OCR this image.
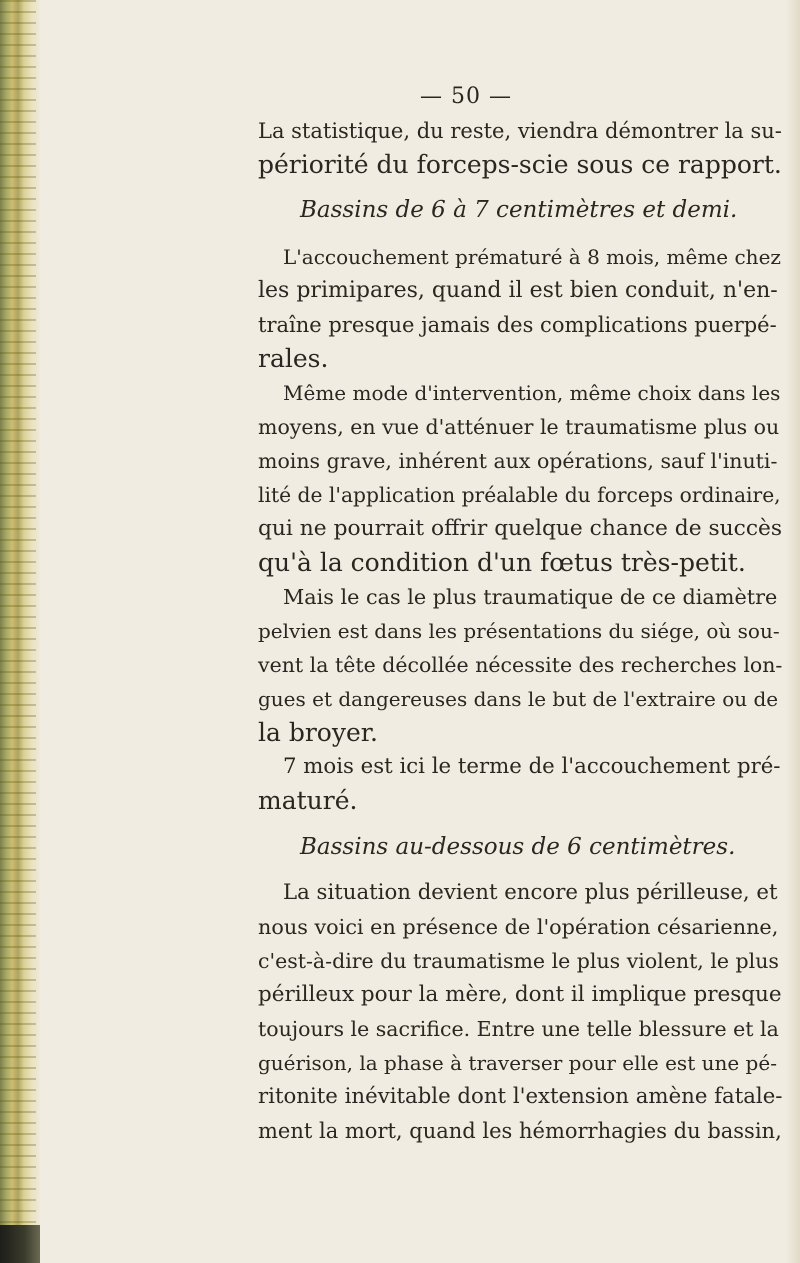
— 50 —
La statistique, du reste, viendra démontrer la su-
périorité du forceps-scie sous ce rapport.
Bassins de 6 à 7 centimètres et demi.
L'accouchement prématuré à 8 mois, même chez
les primipares, quand il est bien conduit, n'en-
traîne presque jamais des complications puerpé-
rales.
Même mode d'intervention, même choix dans les
moyens, en vue d'atténuer le traumatisme plus ou
moins grave, inhérent aux opérations, sauf l'inuti-
lité de l'application préalable du forceps ordinaire,
qui ne pourrait offrir quelque chance de succès
qu'à la condition d'un fœtus très-petit.
Mais le cas le plus traumatique de ce diamètre
pelvien est dans les présentations du siége, où sou-
vent la tête décollée nécessite des recherches lon-
gues et dangereuses dans le but de l'extraire ou de
la broyer.
7 mois est ici le terme de l'accouchement pré-
maturé.
Bassins au-dessous de 6 centimètres.
La situation devient encore plus périlleuse, et
nous voici en présence de l'opération césarienne,
c'est-à-dire du traumatisme le plus violent, le plus
périlleux pour la mère, dont il implique presque
toujours le sacrifice. Entre une telle blessure et la
guérison, la phase à traverser pour elle est une pé-
ritonite inévitable dont l'extension amène fatale-
ment la mort, quand les hémorrhagies du bassin,
